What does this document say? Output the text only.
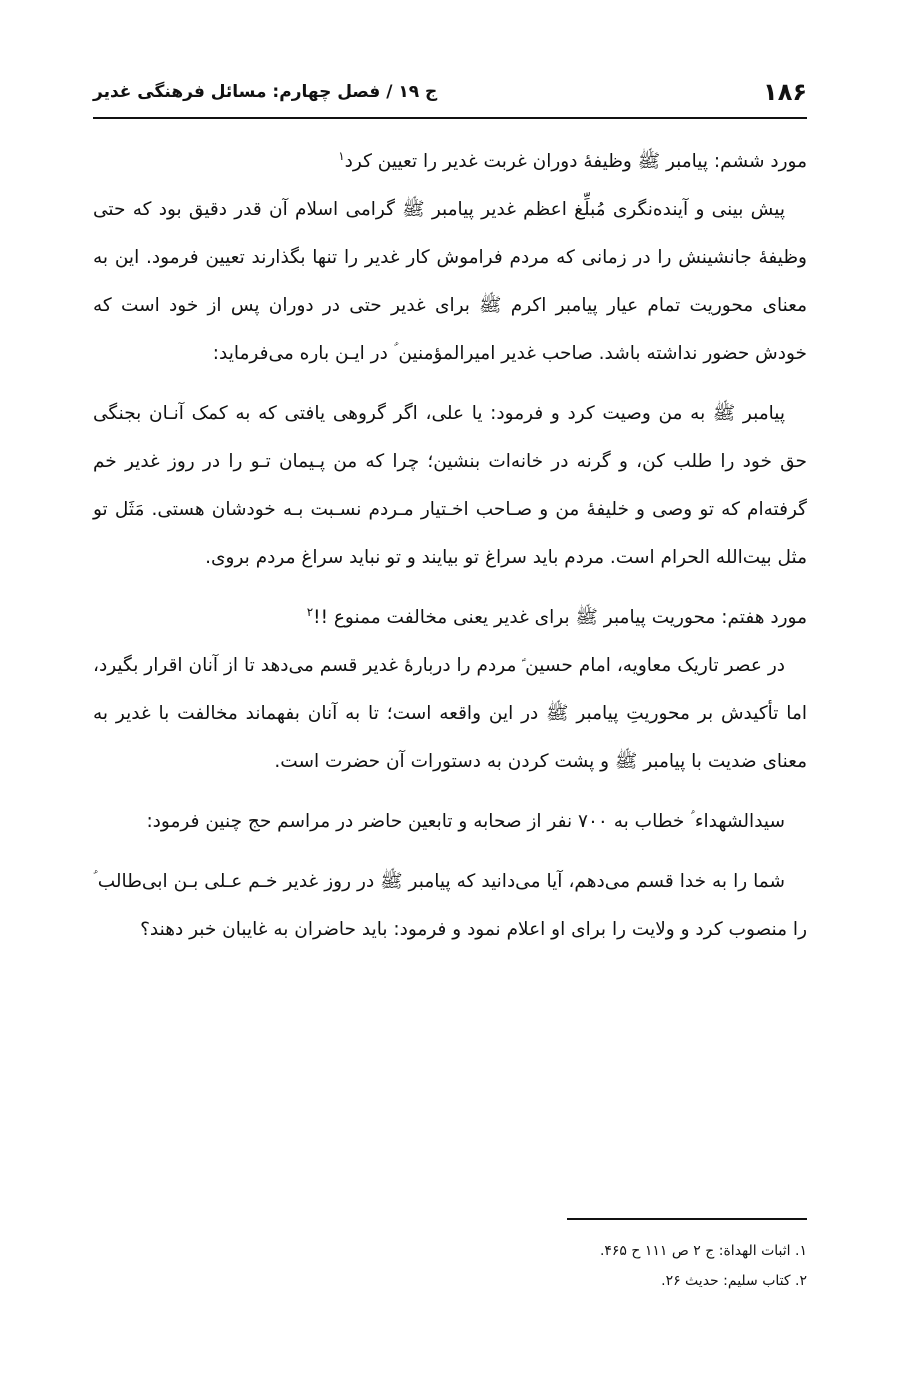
۱۸۶
ج ۱۹ / فصل چهارم: مسائل فرهنگی غدیر

مورد ششم: پیامبر ﷺ وظیفهٔ دوران غربت غدیر را تعیین کرد$^۱$

پیش بینی و آینده‌نگری مُبلِّغ اعظم غدیر پیامبر ﷺ گرامی اسلام آن قدر دقیق بود که حتی وظیفهٔ جانشینش را در زمانی که مردم فراموش کار غدیر را تنها بگذارند تعیین فرمود. این به معنای محوریت تمام عیار پیامبر اکرم ﷺ برای غدیر حتی در دوران پس از خود است که خودش حضور نداشته باشد. صاحب غدیر امیرالمؤمنین ؑ در ایـن باره می‌فرماید:

پیامبر ﷺ به من وصیت کرد و فرمود: یا علی، اگر گروهی یافتی که به کمک آنـان بجنگی حق خود را طلب کن، و گرنه در خانه‌ات بنشین؛ چرا که من پـیمان تـو را در روز غدیر خم گرفته‌ام که تو وصی و خلیفهٔ من و صـاحب اخـتیار مـردم نسـبت بـه خودشان هستی. مَثَل تو مثل بیت‌الله الحرام است. مردم باید سراغ تو بیایند و تو نباید سراغ مردم بروی.

مورد هفتم: محوریت پیامبر ﷺ برای غدیر یعنی مخالفت ممنوع !!$^۲$

در عصر تاریک معاویه، امام حسین ؑ مردم را دربارهٔ غدیر قسم می‌دهد تا از آنان اقرار بگیرد، اما تأکیدش بر محوریتِ پیامبر ﷺ در این واقعه است؛ تا به آنان بفهماند مخالفت با غدیر به معنای ضدیت با پیامبر ﷺ و پشت کردن به دستورات آن حضرت است.

سیدالشهداء ؑ خطاب به ۷۰۰ نفر از صحابه و تابعین حاضر در مراسم حج چنین فرمود:

شما را به خدا قسم می‌دهم، آیا می‌دانید که پیامبر ﷺ در روز غدیر خـم عـلی بـن ابی‌طالب ؑ را منصوب کرد و ولایت را برای او اعلام نمود و فرمود: باید حاضران به غایبان خبر دهند؟

۱. اثبات الهداة: ج ۲ ص ۱۱۱ ح ۴۶۵.
۲. کتاب سلیم: حدیث ۲۶.
